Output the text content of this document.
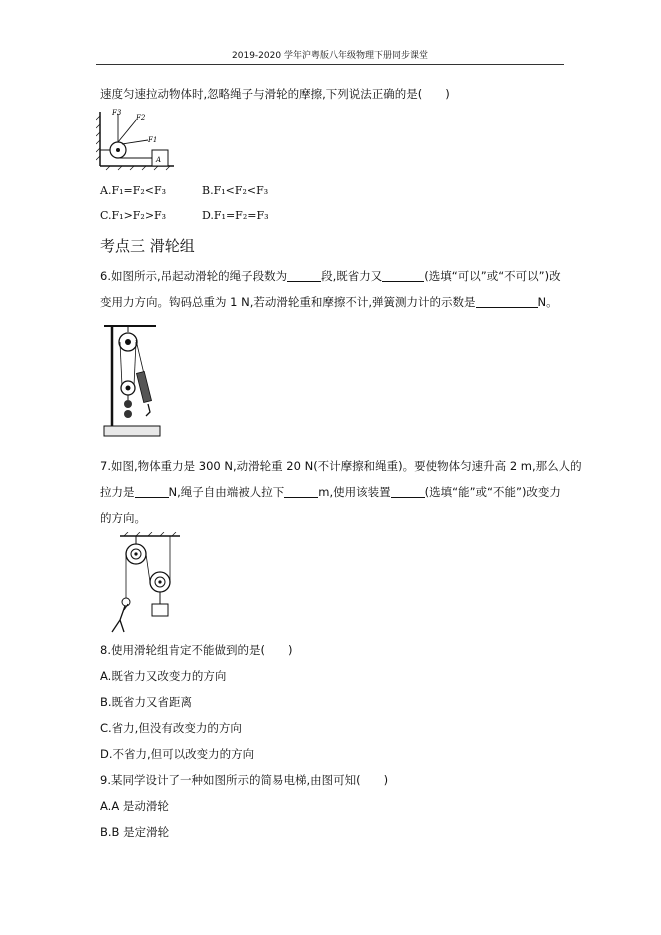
2019-2020 学年沪粤版八年级物理下册同步课堂
速度匀速拉动物体时,忽略绳子与滑轮的摩擦,下列说法正确的是(　　)
F3
F2
F1
A
A.F₁=F₂<F₃	B.F₁<F₂<F₃
C.F₁>F₂>F₃	D.F₁=F₂=F₃
考点三 滑轮组
6.如图所示,吊起动滑轮的绳子段数为	段,既省力又	(选填“可以”或“不可以”)改
变用力方向。钩码总重为 1 N,若动滑轮重和摩擦不计,弹簧测力计的示数是	N。
7.如图,物体重力是 300 N,动滑轮重 20 N(不计摩擦和绳重)。要使物体匀速升高 2 m,那么人的
拉力是	N,绳子自由端被人拉下	m,使用该装置	(选填“能”或“不能”)改变力
的方向。
8.使用滑轮组肯定不能做到的是(　　)
A.既省力又改变力的方向
B.既省力又省距离
C.省力,但没有改变力的方向
D.不省力,但可以改变力的方向
9.某同学设计了一种如图所示的简易电梯,由图可知(　　)
A.A 是动滑轮
B.B 是定滑轮
